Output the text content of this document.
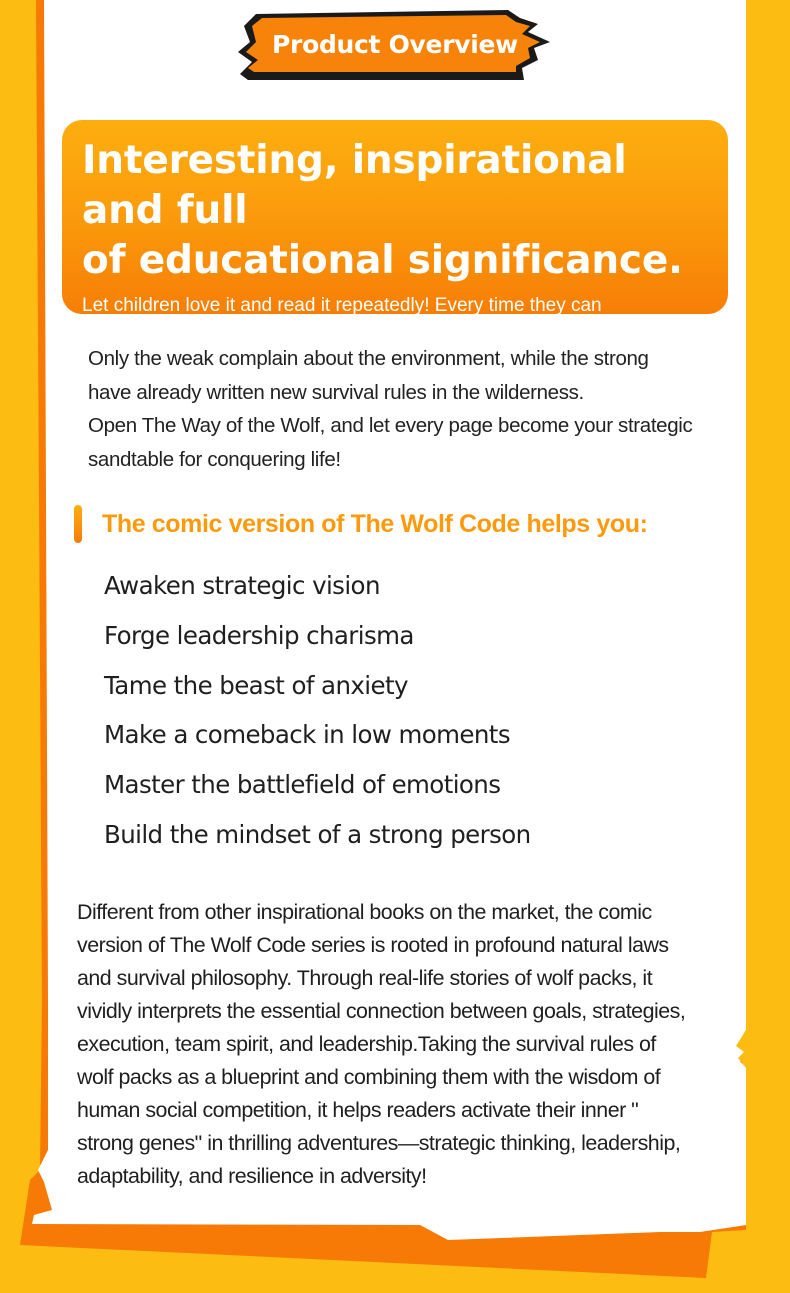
Product Overview
Interesting, inspirational and full
of educational significance.
Let children love it and read it repeatedly! Every time they can
understand new life strategies!
Only the weak complain about the environment, while the strong
have already written new survival rules in the wilderness.
Open The Way of the Wolf, and let every page become your strategic
sandtable for conquering life!
The comic version of The Wolf Code helps you:
Awaken strategic vision
Forge leadership charisma
Tame the beast of anxiety
Make a comeback in low moments
Master the battlefield of emotions
Build the mindset of a strong person
Different from other inspirational books on the market, the comic
version of The Wolf Code series is rooted in profound natural laws
and survival philosophy. Through real-life stories of wolf packs, it
vividly interprets the essential connection between goals, strategies,
execution, team spirit, and leadership.Taking the survival rules of
wolf packs as a blueprint and combining them with the wisdom of
human social competition, it helps readers activate their inner "
strong genes" in thrilling adventures—strategic thinking, leadership,
adaptability, and resilience in adversity!
